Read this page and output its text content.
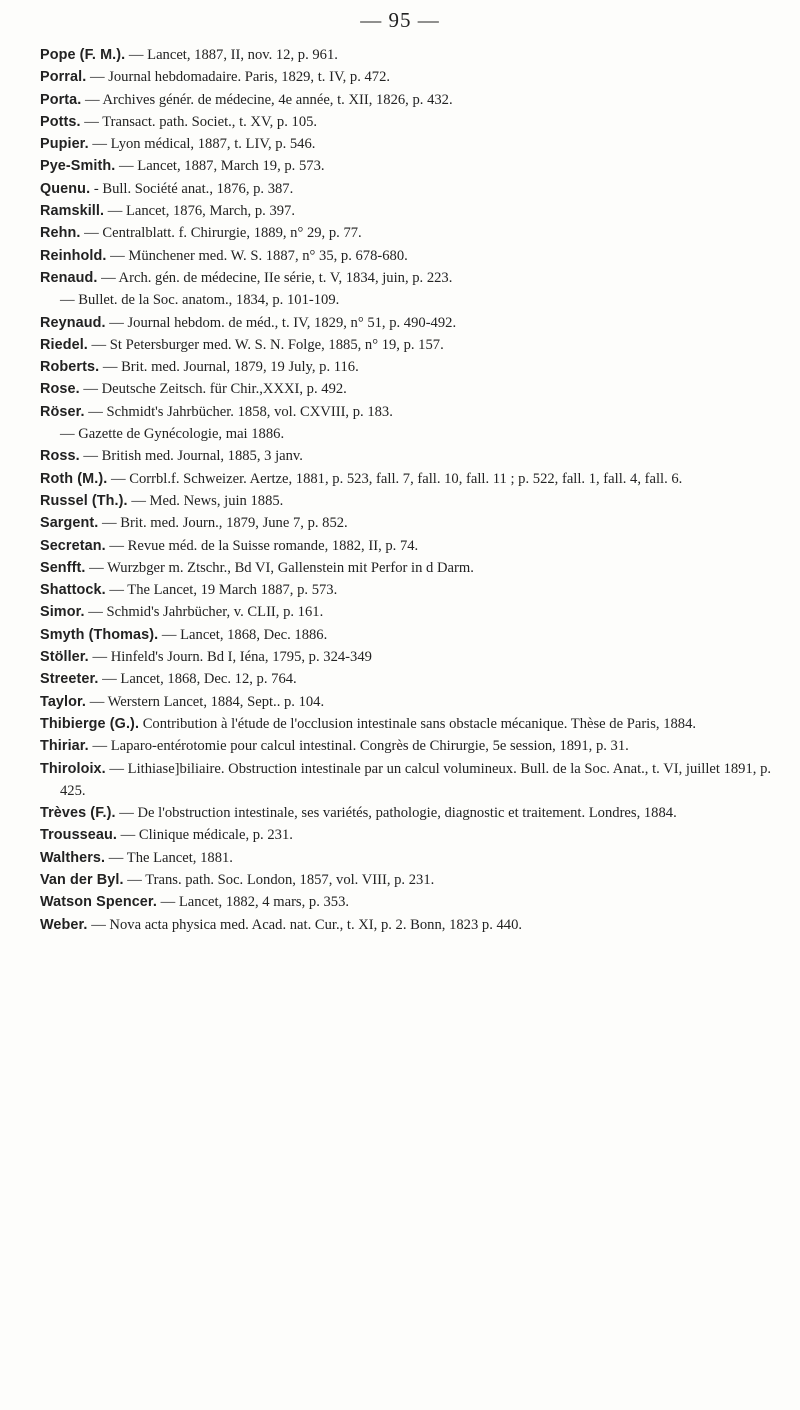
— 95 —

Pope (F. M.). — Lancet, 1887, II, nov. 12, p. 961.

Porral. — Journal hebdomadaire. Paris, 1829, t. IV, p. 472.

Porta. — Archives génér. de médecine, 4e année, t. XII, 1826, p. 432.

Potts. — Transact. path. Societ., t. XV, p. 105.

Pupier. — Lyon médical, 1887, t. LIV, p. 546.

Pye-Smith. — Lancet, 1887, March 19, p. 573.

Quenu. - Bull. Société anat., 1876, p. 387.

Ramskill. — Lancet, 1876, March, p. 397.

Rehn. — Centralblatt. f. Chirurgie, 1889, n° 29, p. 77.

Reinhold. — Münchener med. W. S. 1887, n° 35, p. 678-680.

Renaud. — Arch. gén. de médecine, IIe série, t. V, 1834, juin, p. 223.

— Bullet. de la Soc. anatom., 1834, p. 101-109.

Reynaud. — Journal hebdom. de méd., t. IV, 1829, n° 51, p. 490-492.

Riedel. — St Petersburger med. W. S. N. Folge, 1885, n° 19, p. 157.

Roberts. — Brit. med. Journal, 1879, 19 July, p. 116.

Rose. — Deutsche Zeitsch. für Chir.,XXXI, p. 492.

Röser. — Schmidt's Jahrbücher. 1858, vol. CXVIII, p. 183.

— Gazette de Gynécologie, mai 1886.

Ross. — British med. Journal, 1885, 3 janv.

Roth (M.). — Corrbl.f. Schweizer. Aertze, 1881, p. 523, fall. 7, fall. 10, fall. 11 ; p. 522, fall. 1, fall. 4, fall. 6.

Russel (Th.). — Med. News, juin 1885.

Sargent. — Brit. med. Journ., 1879, June 7, p. 852.

Secretan. — Revue méd. de la Suisse romande, 1882, II, p. 74.

Senfft. — Wurzbger m. Ztschr., Bd VI, Gallenstein mit Perfor in d Darm.

Shattock. — The Lancet, 19 March 1887, p. 573.

Simor. — Schmid's Jahrbücher, v. CLII, p. 161.

Smyth (Thomas). — Lancet, 1868, Dec. 1886.

Stöller. — Hinfeld's Journ. Bd I, Iéna, 1795, p. 324-349

Streeter. — Lancet, 1868, Dec. 12, p. 764.

Taylor. — Werstern Lancet, 1884, Sept.. p. 104.

Thibierge (G.). Contribution à l'étude de l'occlusion intestinale sans obstacle mécanique. Thèse de Paris, 1884.

Thiriar. — Laparo-entérotomie pour calcul intestinal. Congrès de Chirurgie, 5e session, 1891, p. 31.

Thiroloix. — Lithiase]biliaire. Obstruction intestinale par un calcul volumineux. Bull. de la Soc. Anat., t. VI, juillet 1891, p. 425.

Trèves (F.). — De l'obstruction intestinale, ses variétés, pathologie, diagnostic et traitement. Londres, 1884.

Trousseau. — Clinique médicale, p. 231.

Walthers. — The Lancet, 1881.

Van der Byl. — Trans. path. Soc. London, 1857, vol. VIII, p. 231.

Watson Spencer. — Lancet, 1882, 4 mars, p. 353.

Weber. — Nova acta physica med. Acad. nat. Cur., t. XI, p. 2. Bonn, 1823 p. 440.
